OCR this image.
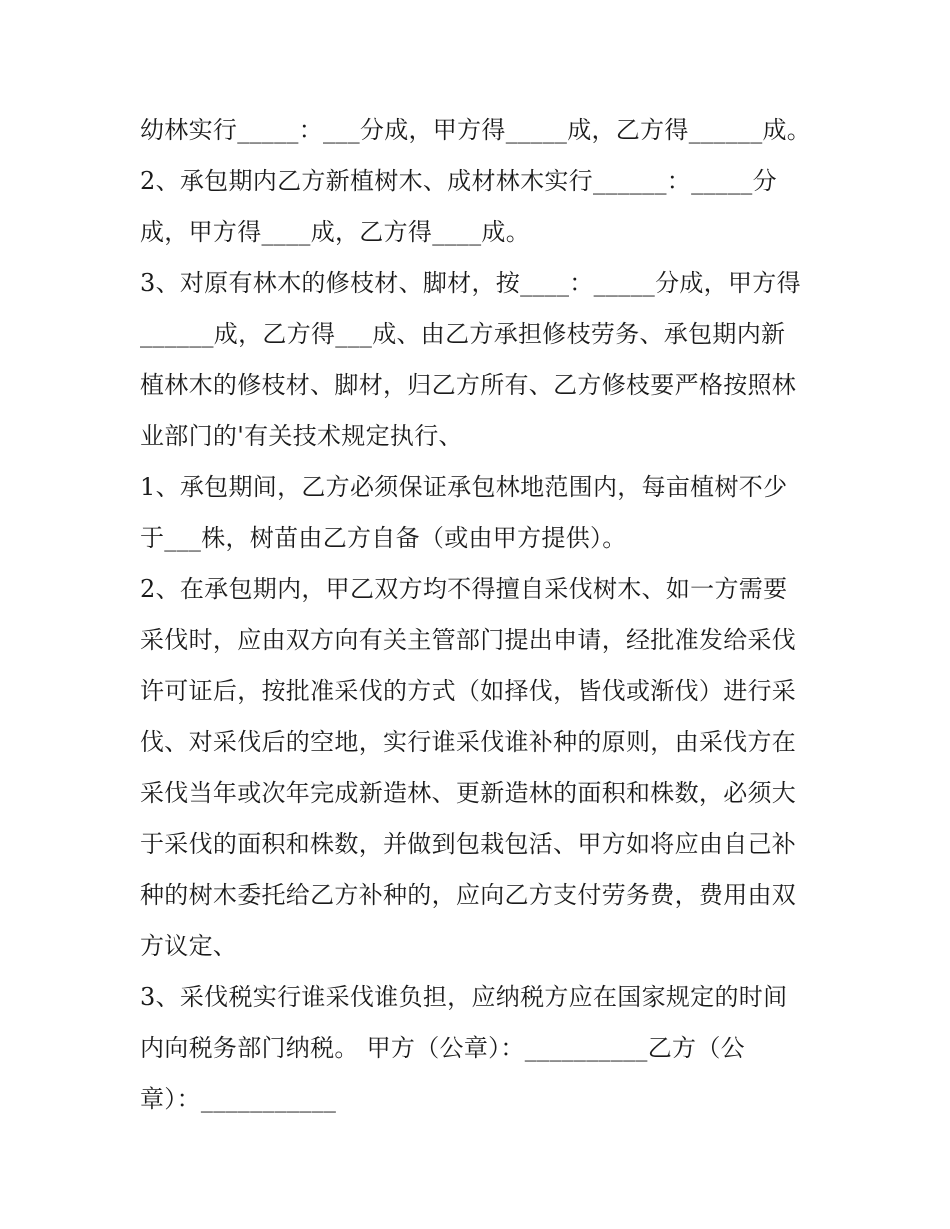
幼林实行_____：___分成，甲方得_____成，乙方得______成。
2、承包期内乙方新植树木、成材林木实行______：_____分
成，甲方得____成，乙方得____成。
3、对原有林木的修枝材、脚材，按____：_____分成，甲方得
______成，乙方得___成、由乙方承担修枝劳务、承包期内新
植林木的修枝材、脚材，归乙方所有、乙方修枝要严格按照林
业部门的'有关技术规定执行、
1、承包期间，乙方必须保证承包林地范围内，每亩植树不少
于___株，树苗由乙方自备（或由甲方提供）。
2、在承包期内，甲乙双方均不得擅自采伐树木、如一方需要
采伐时，应由双方向有关主管部门提出申请，经批准发给采伐
许可证后，按批准采伐的方式（如择伐，皆伐或渐伐）进行采
伐、对采伐后的空地，实行谁采伐谁补种的原则，由采伐方在
采伐当年或次年完成新造林、更新造林的面积和株数，必须大
于采伐的面积和株数，并做到包栽包活、甲方如将应由自己补
种的树木委托给乙方补种的，应向乙方支付劳务费，费用由双
方议定、
3、采伐税实行谁采伐谁负担，应纳税方应在国家规定的时间
内向税务部门纳税。 甲方（公章）：__________乙方（公
章）：___________
